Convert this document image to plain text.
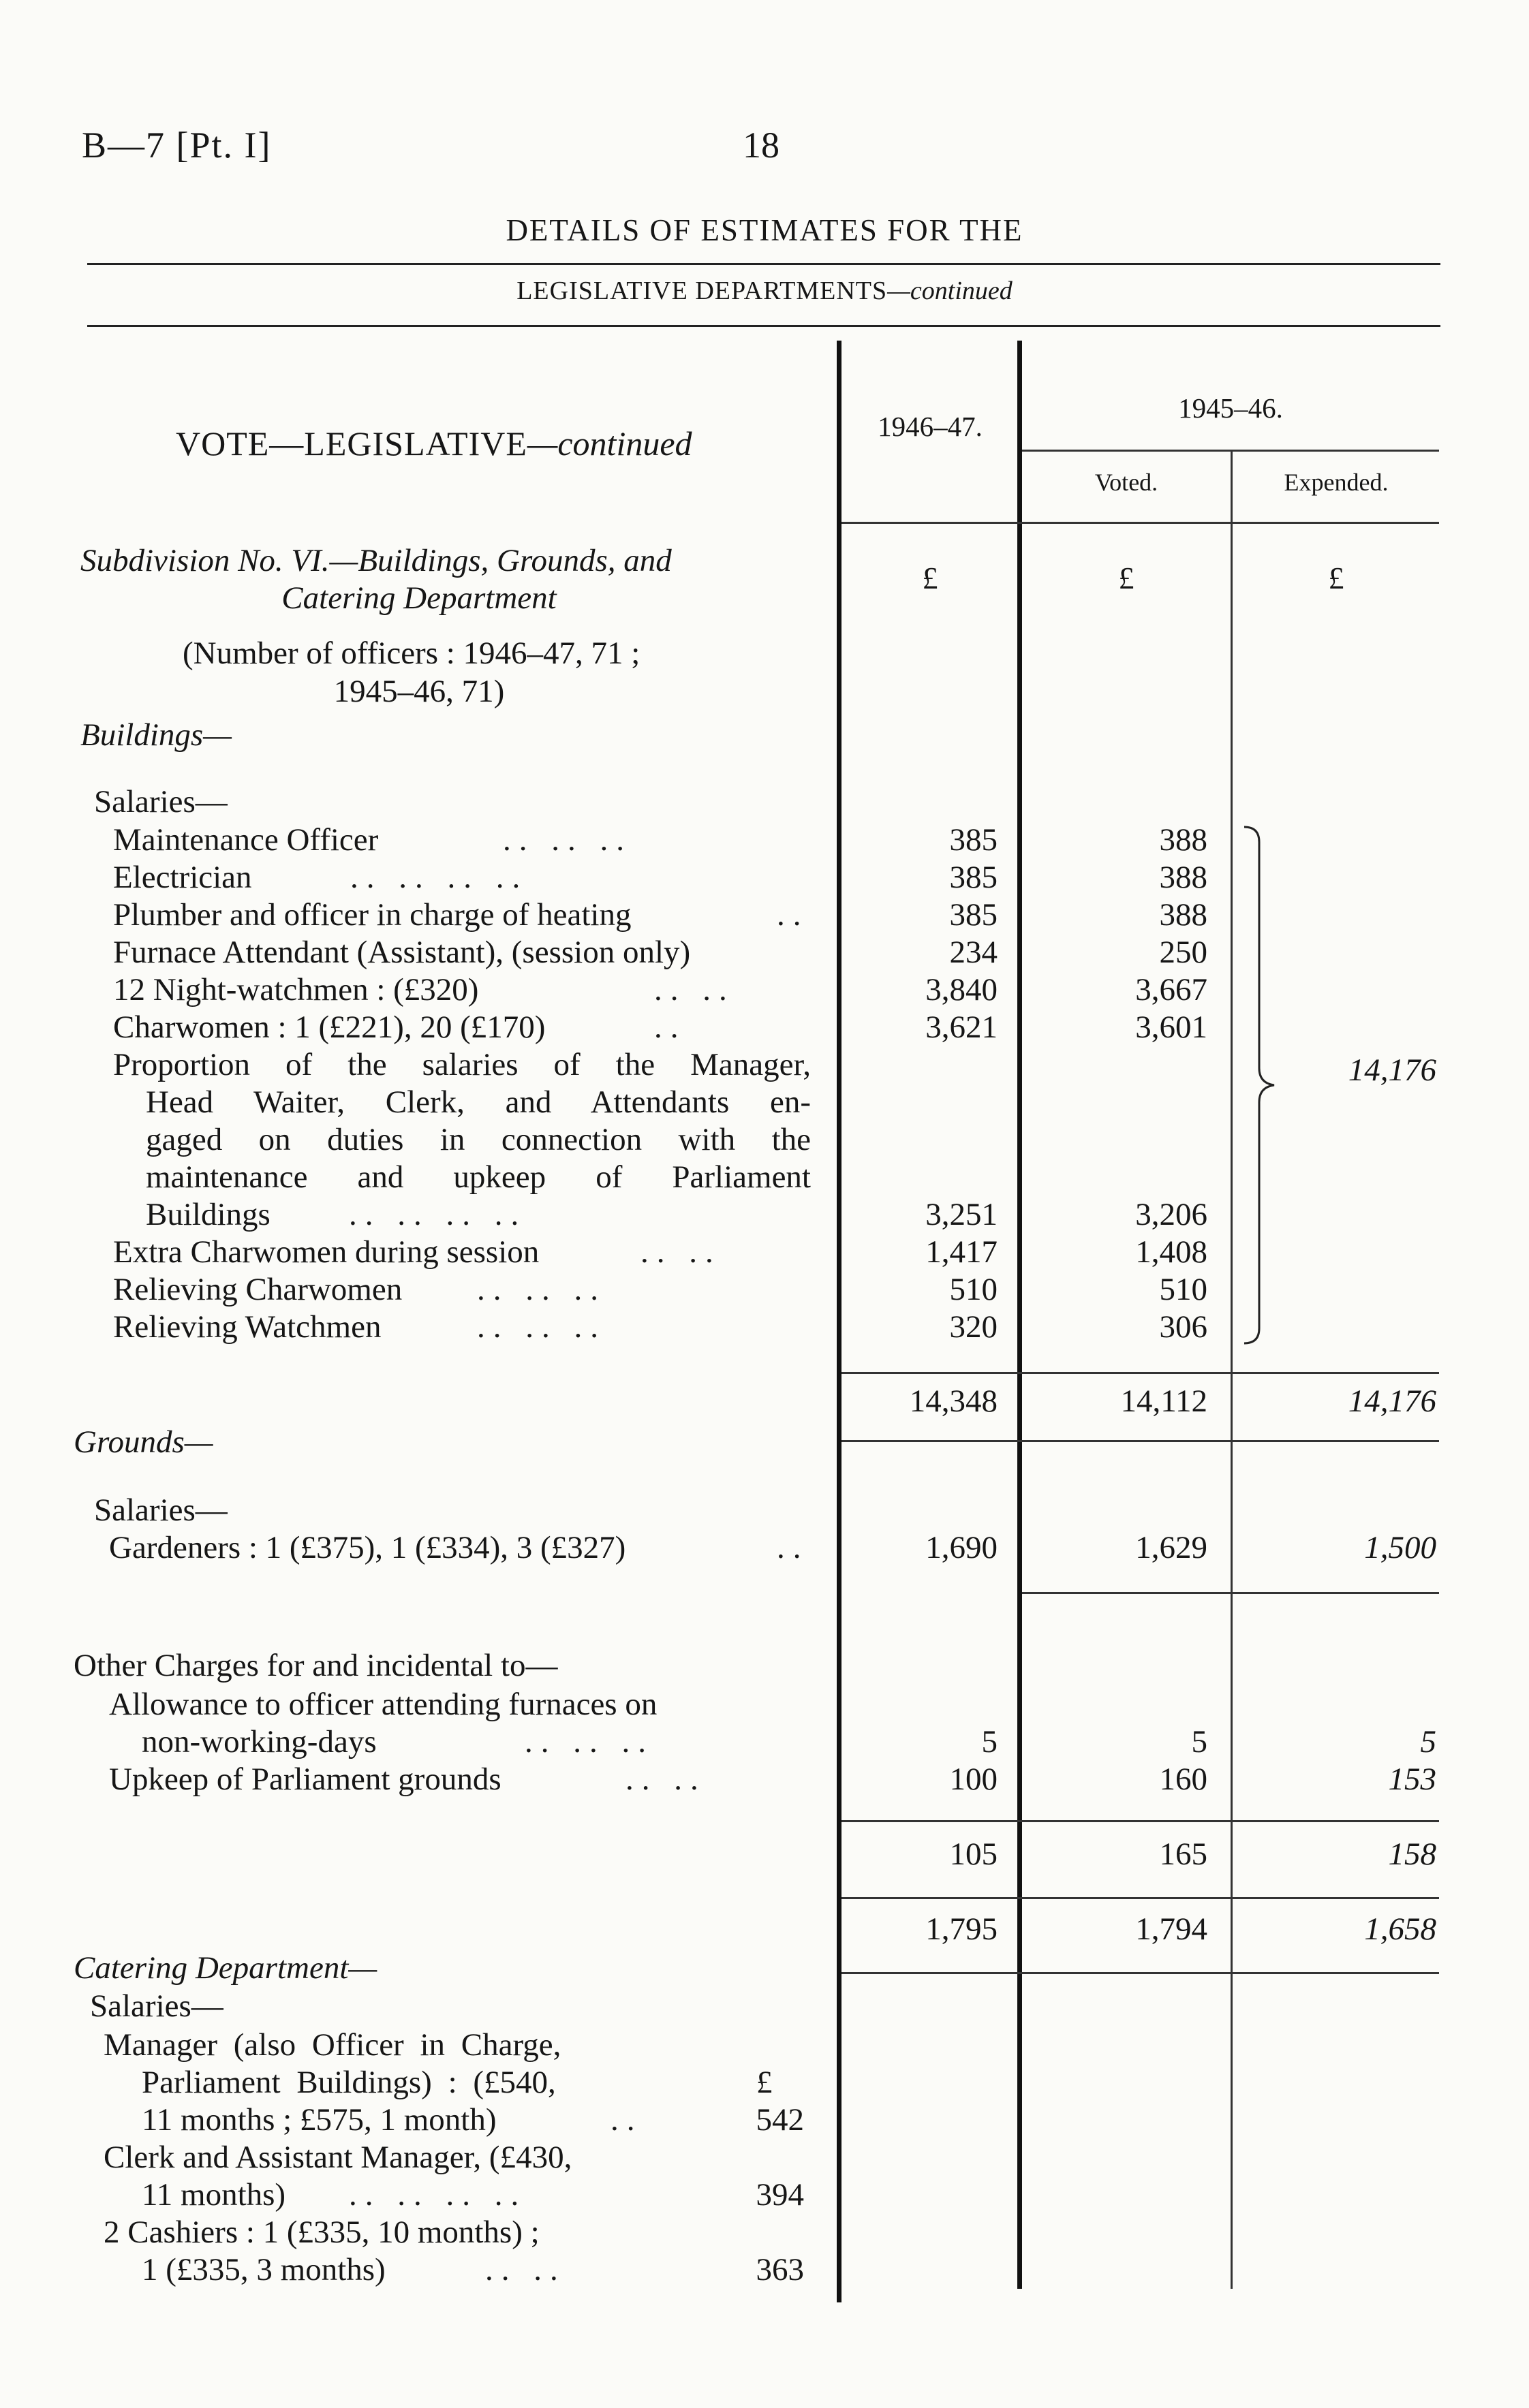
B—7 [Pt. I]	18
DETAILS OF ESTIMATES FOR THE
LEGISLATIVE DEPARTMENTS—continued
1946–47.
1945–46.
Voted.	Expended.
VOTE—LEGISLATIVE—continued
£	£	£
Subdivision No. VI.—Buildings, Grounds, and
Catering Department
(Number of officers : 1946–47, 71 ;
1945–46, 71)
Buildings—
Salaries—
Maintenance Officer	.. .. ..	385	388
Electrician	.. .. .. ..	385	388
Plumber and officer in charge of heating	..	385	388
Furnace Attendant (Assistant), (session only)	234	250
12 Night-watchmen : (£320)	.. ..	3,840	3,667
Charwomen : 1 (£221), 20 (£170)	..	3,621	3,601
Proportion of the salaries of the Manager,
Head Waiter, Clerk, and Attendants en-
gaged on duties in connection with the
maintenance and upkeep of Parliament
Buildings	.. .. .. ..	3,251	3,206
Extra Charwomen during session	.. ..	1,417	1,408
Relieving Charwomen .. .. ..	510	510
Relieving Watchmen	.. .. ..	320	306
14,176
14,348	14,112	14,176
Grounds—
Salaries—
Gardeners : 1 (£375), 1 (£334), 3 (£327)	..	1,690	1,629	1,500
Other Charges for and incidental to—
Allowance to officer attending furnaces on
non-working-days	.. .. ..	5	5	5
Upkeep of Parliament grounds	.. ..	100	160	153
105	165	158
1,795	1,794	1,658
Catering Department—
Salaries—
Manager (also Officer in Charge,
Parliament Buildings) : (£540,	£
11 months ; £575, 1 month)	..	542
Clerk and Assistant Manager, (£430,
11 months) .. .. .. ..	394
2 Cashiers : 1 (£335, 10 months) ;
1 (£335, 3 months)	.. ..	363
